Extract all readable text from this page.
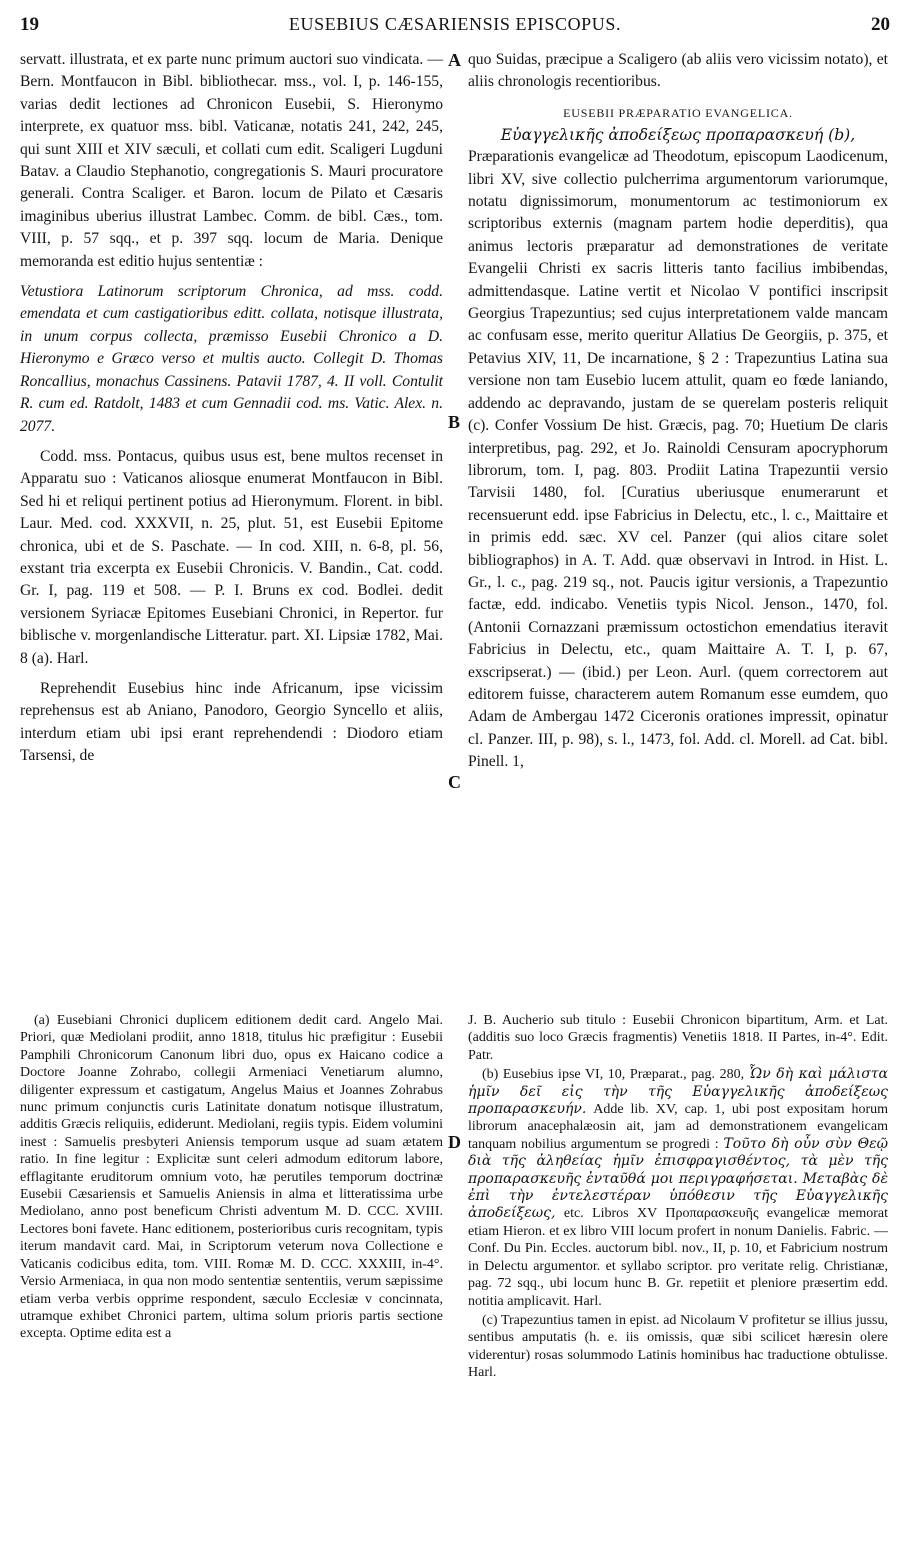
19	EUSEBIUS CÆSARIENSIS EPISCOPUS.	20

servatt. illustrata, et ex parte nunc primum auctori suo vindicata. — Bern. Montfaucon in Bibl. bibliothecar. mss., vol. I, p. 146-155, varias dedit lectiones ad Chronicon Eusebii, S. Hieronymo interprete, ex quatuor mss. bibl. Vaticanæ, notatis 241, 242, 245, qui sunt XIII et XIV sæculi, et collati cum edit. Scaligeri Lugduni Batav. a Claudio Stephanotio, congregationis S. Mauri procuratore generali. Contra Scaliger. et Baron. locum de Pilato et Cæsaris imaginibus uberius illustrat Lambec. Comm. de bibl. Cæs., tom. VIII, p. 57 sqq., et p. 397 sqq. locum de Maria. Denique memoranda est editio hujus sententiæ :

Vetustiora Latinorum scriptorum Chronica, ad mss. codd. emendata et cum castigatioribus editt. collata, notisque illustrata, in unum corpus collecta, præmisso Eusebii Chronico a D. Hieronymo e Græco verso et multis aucto. Collegit D. Thomas Roncallius, monachus Cassinens. Patavii 1787, 4. II voll. Contulit R. cum ed. Ratdolt, 1483 et cum Gennadii cod. ms. Vatic. Alex. n. 2077.

Codd. mss. Pontacus, quibus usus est, bene multos recenset in Apparatu suo : Vaticanos aliosque enumerat Montfaucon in Bibl. Sed hi et reliqui pertinent potius ad Hieronymum. Florent. in bibl. Laur. Med. cod. XXXVII, n. 25, plut. 51, est Eusebii Epitome chronica, ubi et de S. Paschate. — In cod. XIII, n. 6-8, pl. 56, exstant tria excerpta ex Eusebii Chronicis. V. Bandin., Cat. codd. Gr. I, pag. 119 et 508. — P. I. Bruns ex cod. Bodlei. dedit versionem Syriacæ Epitomes Eusebiani Chronici, in Repertor. fur biblische v. morgenlandische Litteratur. part. XI. Lipsiæ 1782, Mai. 8 (a). Harl.

Reprehendit Eusebius hinc inde Africanum, ipse vicissim reprehensus est ab Aniano, Panodoro, Georgio Syncello et aliis, interdum etiam ubi ipsi erant reprehendendi : Diodoro etiam Tarsensi, de

quo Suidas, præcipue a Scaligero (ab aliis vero vicissim notato), et aliis chronologis recentioribus.

EUSEBII PRÆPARATIO EVANGELICA.
Εὐαγγελικῆς ἀποδείξεως προπαρασκευή (b),

Præparationis evangelicæ ad Theodotum, episcopum Laodicenum, libri XV, sive collectio pulcherrima argumentorum variorumque, notatu dignissimorum, monumentorum ac testimoniorum ex scriptoribus externis (magnam partem hodie deperditis), qua animus lectoris præparatur ad demonstrationes de veritate Evangelii Christi ex sacris litteris tanto facilius imbibendas, admittendasque. Latine vertit et Nicolao V pontifici inscripsit Georgius Trapezuntius; sed cujus interpretationem valde mancam ac confusam esse, merito queritur Allatius De Georgiis, p. 375, et Petavius XIV, 11, De incarnatione, § 2 : Trapezuntius Latina sua versione non tam Eusebio lucem attulit, quam eo fœde laniando, addendo ac depravando, justam de se querelam posteris reliquit (c). Confer Vossium De hist. Græcis, pag. 70; Huetium De claris interpretibus, pag. 292, et Jo. Rainoldi Censuram apocryphorum librorum, tom. I, pag. 803. Prodiit Latina Trapezuntii versio Tarvisii 1480, fol. [Curatius uberiusque enumerarunt et recensuerunt edd. ipse Fabricius in Delectu, etc., l. c., Maittaire et in primis edd. sæc. XV cel. Panzer (qui alios citare solet bibliographos) in A. T. Add. quæ observavi in Introd. in Hist. L. Gr., l. c., pag. 219 sq., not. Paucis igitur versionis, a Trapezuntio factæ, edd. indicabo. Venetiis typis Nicol. Jenson., 1470, fol. (Antonii Cornazzani præmissum octostichon emendatius iteravit Fabricius in Delectu, etc., quam Maittaire A. T. I, p. 67, exscripserat.) — (ibid.) per Leon. Aurl. (quem correctorem aut editorem fuisse, characterem autem Romanum esse eumdem, quo Adam de Ambergau 1472 Ciceronis orationes impressit, opinatur cl. Panzer. III, p. 98), s. l., 1473, fol. Add. cl. Morell. ad Cat. bibl. Pinell. 1,

A
B
C
D

(a) Eusebiani Chronici duplicem editionem dedit card. Angelo Mai. Priori, quæ Mediolani prodiit, anno 1818, titulus hic præfigitur : Eusebii Pamphili Chronicorum Canonum libri duo, opus ex Haicano codice a Doctore Joanne Zohrabo, collegii Armeniaci Venetiarum alumno, diligenter expressum et castigatum, Angelus Maius et Joannes Zohrabus nunc primum conjunctis curis Latinitate donatum notisque illustratum, additis Græcis reliquiis, ediderunt. Mediolani, regiis typis. Eidem volumini inest : Samuelis presbyteri Aniensis temporum usque ad suam ætatem ratio. In fine legitur : Explicitæ sunt celeri admodum editorum labore, efflagitante eruditorum omnium voto, hæ perutiles temporum doctrinæ Eusebii Cæsariensis et Samuelis Aniensis in alma et litteratissima urbe Mediolano, anno post beneficum Christi adventum M. D. CCC. XVIII. Lectores boni favete. Hanc editionem, posterioribus curis recognitam, typis iterum mandavit card. Mai, in Scriptorum veterum nova Collectione e Vaticanis codicibus edita, tom. VIII. Romæ M. D. CCC. XXXIII, in-4°. Versio Armeniaca, in qua non modo sententiæ sententiis, verum sæpissime etiam verba verbis opprime respondent, sæculo Ecclesiæ v concinnata, utramque exhibet Chronici partem, ultima solum prioris partis sectione excepta. Optime edita est a

J. B. Aucherio sub titulo : Eusebii Chronicon bipartitum, Arm. et Lat. (additis suo loco Græcis fragmentis) Venetiis 1818. II Partes, in-4°. Edit. Patr.

(b) Eusebius ipse VI, 10, Præparat., pag. 280, Ὧν δὴ καὶ μάλιστα ἡμῖν δεῖ εἰς τὴν τῆς Εὐαγγελικῆς ἀποδείξεως προπαρασκευήν. Adde lib. XV, cap. 1, ubi post expositam horum librorum anacephalæosin ait, jam ad demonstrationem evangelicam tanquam nobilius argumentum se progredi : Τοῦτο δὴ οὖν σὺν Θεῷ διὰ τῆς ἀληθείας ἡμῖν ἐπισφραγισθέντος, τὰ μὲν τῆς προπαρασκευῆς ἐνταῦθά μοι περιγραφήσεται. Μεταβὰς δὲ ἐπὶ τὴν ἐντελεστέραν ὑπόθεσιν τῆς Εὐαγγελικῆς ἀποδείξεως, etc. Libros XV Προπαρασκευῆς evangelicæ memorat etiam Hieron. et ex libro VIII locum profert in nonum Danielis. Fabric. — Conf. Du Pin. Eccles. auctorum bibl. nov., II, p. 10, et Fabricium nostrum in Delectu argumentor. et syllabo scriptor. pro veritate relig. Christianæ, pag. 72 sqq., ubi locum hunc B. Gr. repetiit et pleniore præsertim edd. notitia amplicavit. Harl.

(c) Trapezuntius tamen in epist. ad Nicolaum V profitetur se illius jussu, sentibus amputatis (h. e. iis omissis, quæ sibi scilicet hæresin olere viderentur) rosas solummodo Latinis hominibus hac traductione obtulisse. Harl.
